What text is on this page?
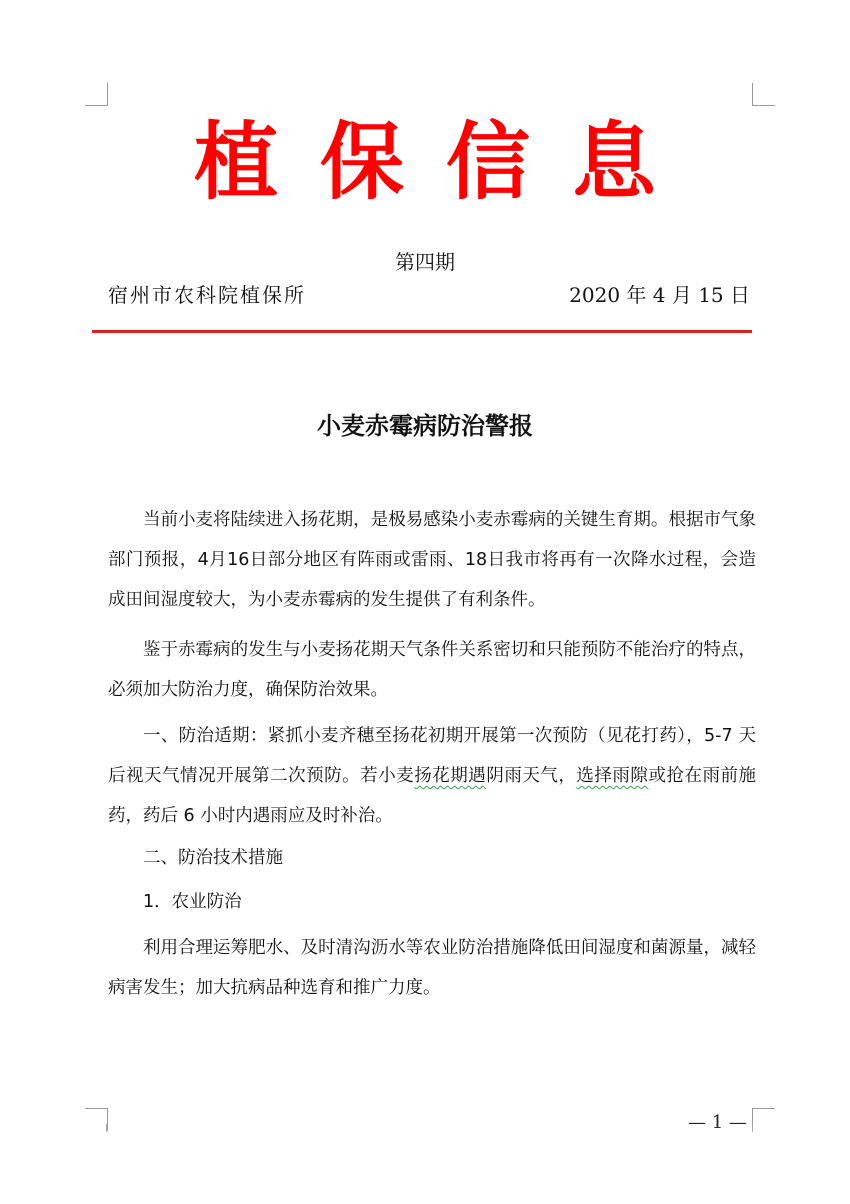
植保信息
第四期
宿州市农科院植保所	2020 年 4 月 15 日
小麦赤霉病防治警报

当前小麦将陆续进入扬花期，是极易感染小麦赤霉病的关键生育期。根据市气象部门预报，4月16日部分地区有阵雨或雷雨、18日我市将再有一次降水过程，会造成田间湿度较大，为小麦赤霉病的发生提供了有利条件。

鉴于赤霉病的发生与小麦扬花期天气条件关系密切和只能预防不能治疗的特点，必须加大防治力度，确保防治效果。

一、防治适期：紧抓小麦齐穗至扬花初期开展第一次预防（见花打药），5-7 天后视天气情况开展第二次预防。若小麦扬花期遇阴雨天气，选择雨隙或抢在雨前施药，药后 6 小时内遇雨应及时补治。

二、防治技术措施

1．农业防治

利用合理运筹肥水、及时清沟沥水等农业防治措施降低田间湿度和菌源量，减轻病害发生；加大抗病品种选育和推广力度。

— 1 —
